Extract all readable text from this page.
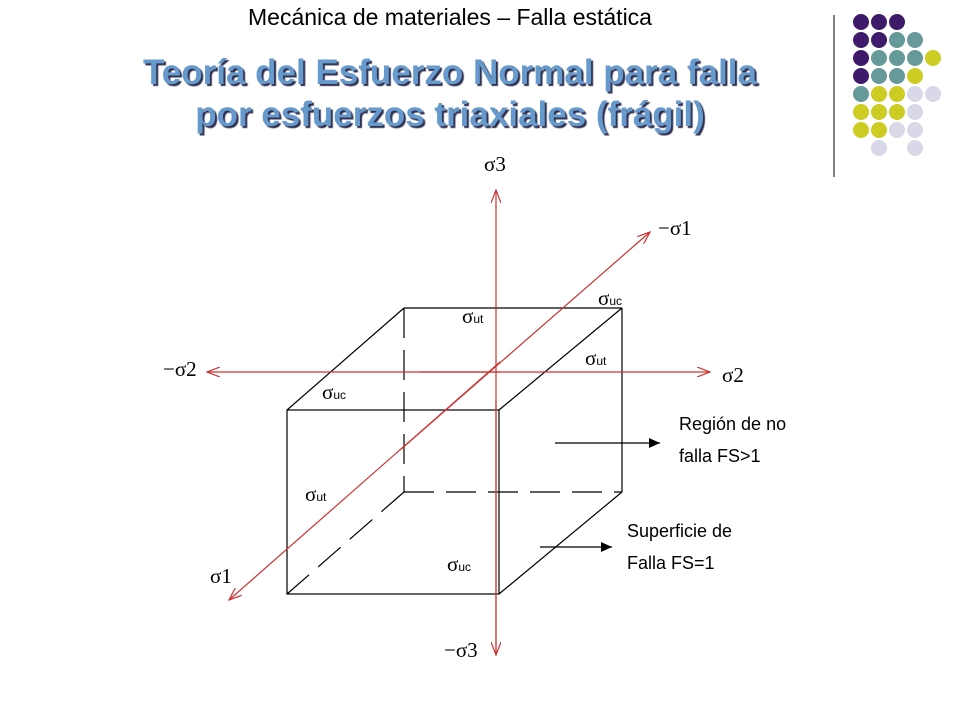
Mecánica de materiales – Falla estática
Teoría del Esfuerzo Normal para falla
por esfuerzos triaxiales (frágil)
σ3
−σ3
σ2
−σ2
−σ1
σ1
σut
σuc
σut
σuc
σut
σuc
Región de no
falla FS>1
Superficie de
Falla FS=1
